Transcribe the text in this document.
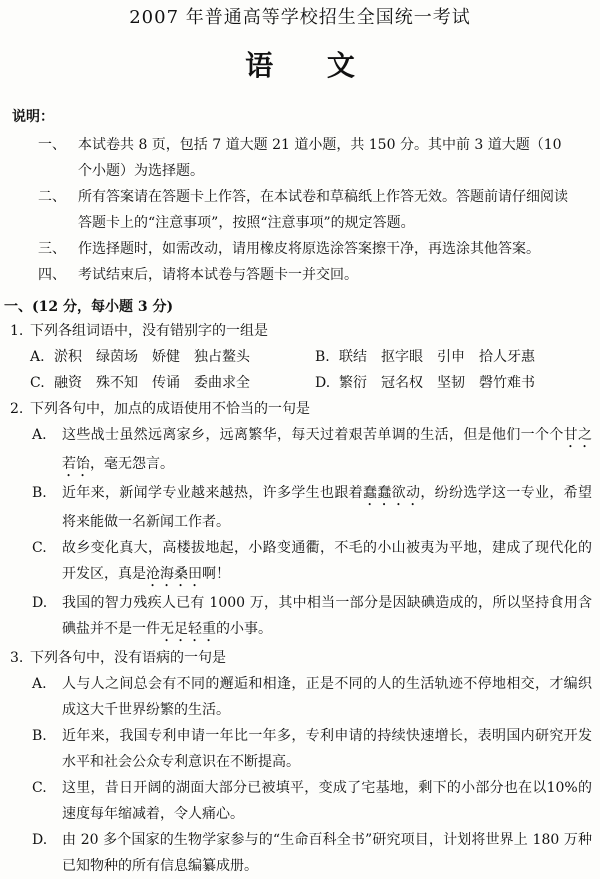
2007 年普通高等学校招生全国统一考试
语 文
说明：
一、 本试卷共 8 页，包括 7 道大题 21 道小题，共 150 分。其中前 3 道大题（10 个小题）为选择题。
二、 所有答案请在答题卡上作答，在本试卷和草稿纸上作答无效。答题前请仔细阅读答题卡上的“注意事项”，按照“注意事项”的规定答题。
三、 作选择题时，如需改动，请用橡皮将原选涂答案擦干净，再选涂其他答案。
四、 考试结束后，请将本试卷与答题卡一并交回。
一、(12 分，每小题 3 分)
1. 下列各组词语中，没有错别字的一组是
A. 淤积　绿茵场　娇健　独占鳌头	B. 联结　抠字眼　引申　拾人牙惠
C. 融资　殊不知　传诵　委曲求全	D. 繁衍　冠名权　坚韧　磬竹难书
2. 下列各句中，加点的成语使用不恰当的一句是
A. 这些战士虽然远离家乡，远离繁华，每天过着艰苦单调的生活，但是他们一个个甘之若饴，毫无怨言。
B. 近年来，新闻学专业越来越热，许多学生也跟着蠢蠢欲动，纷纷选学这一专业，希望将来能做一名新闻工作者。
C. 故乡变化真大，高楼拔地起，小路变通衢，不毛的小山被夷为平地，建成了现代化的开发区，真是沧海桑田啊！
D. 我国的智力残疾人已有 1000 万，其中相当一部分是因缺碘造成的，所以坚持食用含碘盐并不是一件无足轻重的小事。
3. 下列各句中，没有语病的一句是
A. 人与人之间总会有不同的邂逅和相逢，正是不同的人的生活轨迹不停地相交，才编织成这大千世界纷繁的生活。
B. 近年来，我国专利申请一年比一年多，专利申请的持续快速增长，表明国内研究开发水平和社会公众专利意识在不断提高。
C. 这里，昔日开阔的湖面大部分已被填平，变成了宅基地，剩下的小部分也在以10%的速度每年缩减着，令人痛心。
D. 由 20 多个国家的生物学家参与的“生命百科全书”研究项目，计划将世界上 180 万种已知物种的所有信息编纂成册。
